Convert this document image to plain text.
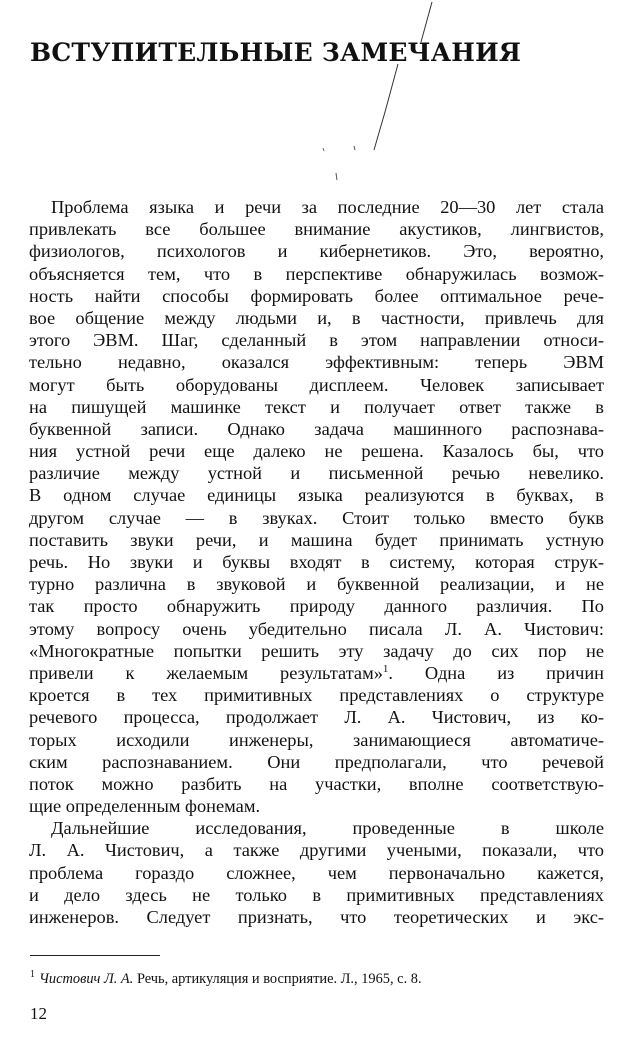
ВСТУПИТЕЛЬНЫЕ ЗАМЕЧАНИЯ
Проблема языка и речи за последние 20—30 лет стала
привлекать все большее внимание акустиков, лингвистов,
физиологов, психологов и кибернетиков. Это, вероятно,
объясняется тем, что в перспективе обнаружилась возмож-
ность найти способы формировать более оптимальное рече-
вое общение между людьми и, в частности, привлечь для
этого ЭВМ. Шаг, сделанный в этом направлении относи-
тельно недавно, оказался эффективным: теперь ЭВМ
могут быть оборудованы дисплеем. Человек записывает
на пишущей машинке текст и получает ответ также в
буквенной записи. Однако задача машинного распознава-
ния устной речи еще далеко не решена. Казалось бы, что
различие между устной и письменной речью невелико.
В одном случае единицы языка реализуются в буквах, в
другом случае — в звуках. Стоит только вместо букв
поставить звуки речи, и машина будет принимать устную
речь. Но звуки и буквы входят в систему, которая струк-
турно различна в звуковой и буквенной реализации, и не
так просто обнаружить природу данного различия. По
этому вопросу очень убедительно писала Л. А. Чистович:
«Многократные попытки решить эту задачу до сих пор не
привели к желаемым результатам»$^1$. Одна из причин
кроется в тех примитивных представлениях о структуре
речевого процесса, продолжает Л. А. Чистович, из ко-
торых исходили инженеры, занимающиеся автоматиче-
ским распознаванием. Они предполагали, что речевой
поток можно разбить на участки, вполне соответствую-
щие определенным фонемам.
Дальнейшие исследования, проведенные в школе
Л. А. Чистович, а также другими учеными, показали, что
проблема гораздо сложнее, чем первоначально кажется,
и дело здесь не только в примитивных представлениях
инженеров. Следует признать, что теоретических и экс-
$^1$ Чистович Л. А. Речь, артикуляция и восприятие. Л., 1965, с. 8.
12
